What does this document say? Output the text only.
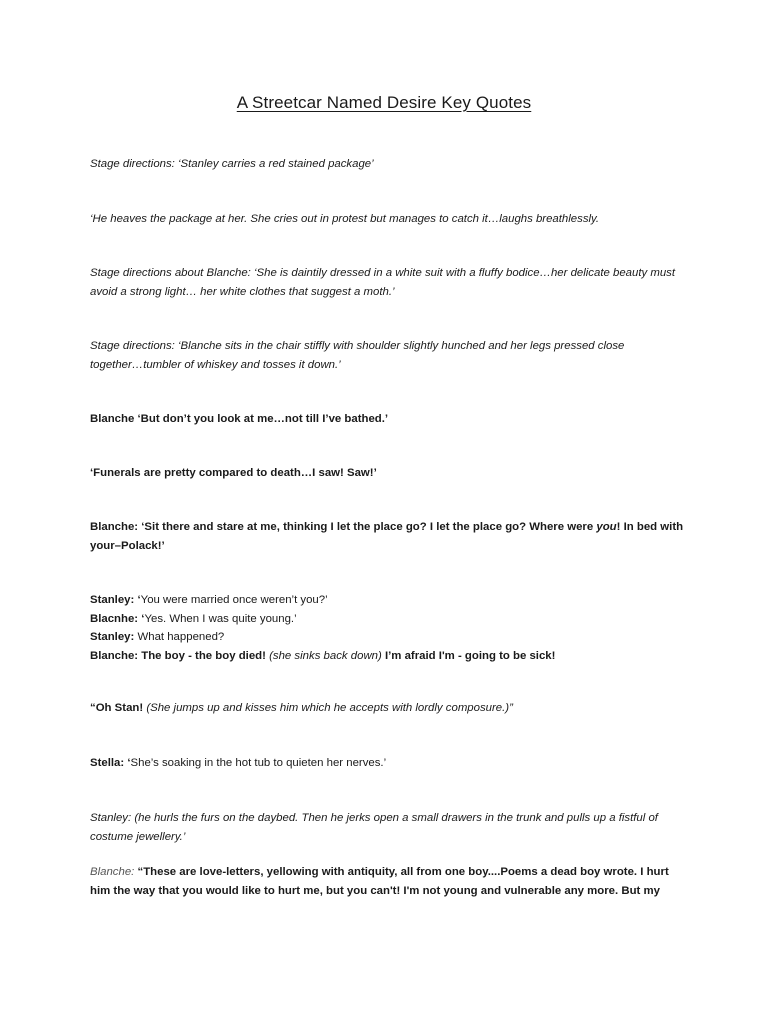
A Streetcar Named Desire Key Quotes
Stage directions: ‘Stanley carries a red stained package’
‘He heaves the package at her. She cries out in protest but manages to catch it…laughs breathlessly.
Stage directions about Blanche: ‘She is daintily dressed in a white suit with a fluffy bodice…her delicate beauty must
avoid a strong light… her white clothes that suggest a moth.’
Stage directions: ‘Blanche sits in the chair stiffly with shoulder slightly hunched and her legs pressed close
together…tumbler of whiskey and tosses it down.’
Blanche ‘But don’t you look at me…not till I’ve bathed.’
‘Funerals are pretty compared to death…I saw! Saw!’
Blanche: ‘Sit there and stare at me, thinking I let the place go? I let the place go? Where were you! In bed with
your–Polack!’
Stanley: ‘You were married once weren’t you?’
Blacnhe: ‘Yes. When I was quite young.’
Stanley: What happened?
Blanche: The boy - the boy died! (she sinks back down) I’m afraid I'm - going to be sick!
“Oh Stan! (She jumps up and kisses him which he accepts with lordly composure.)”
Stella: ‘She’s soaking in the hot tub to quieten her nerves.’
Stanley: (he hurls the furs on the daybed. Then he jerks open a small drawers in the trunk and pulls up a fistful of
costume jewellery.’
Blanche: “These are love-letters, yellowing with antiquity, all from one boy....Poems a dead boy wrote. I hurt
him the way that you would like to hurt me, but you can't! I'm not young and vulnerable any more. But my
